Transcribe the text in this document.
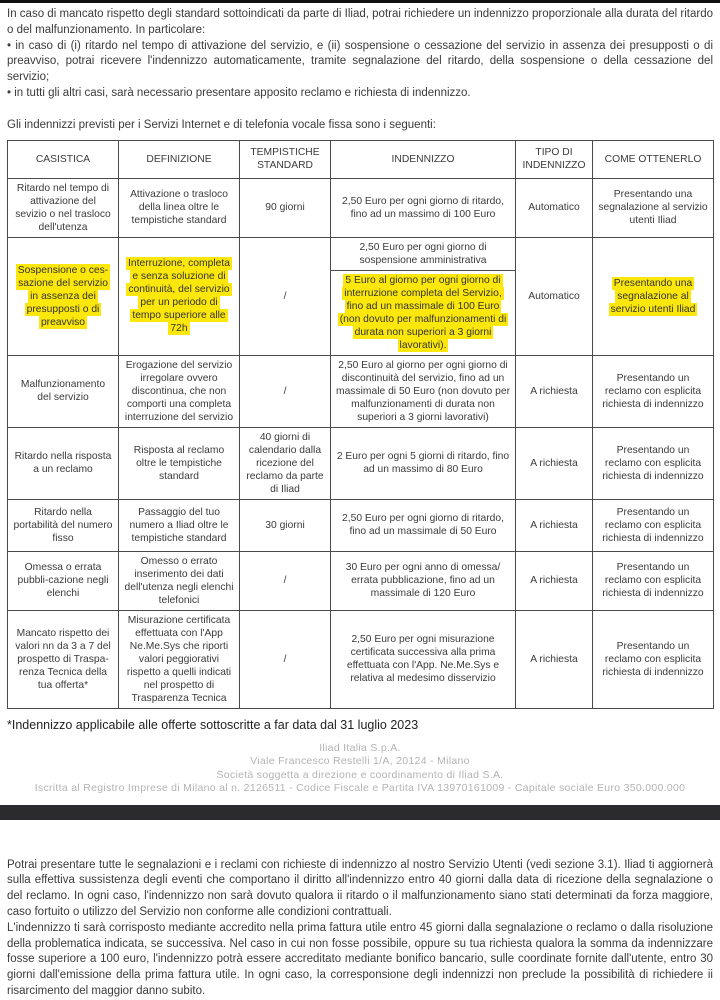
In caso di mancato rispetto degli standard sottoindicati da parte di Iliad, potrai richiedere un indennizzo proporzionale alla durata del ritardo o del malfunzionamento. In particolare:

• in caso di (i) ritardo nel tempo di attivazione del servizio, e (ii) sospensione o cessazione del servizio in assenza dei presupposti o di preavviso, potrai ricevere l'indennizzo automaticamente, tramite segnalazione del ritardo, della sospensione o della cessazione del servizio;

• in tutti gli altri casi, sarà necessario presentare apposito reclamo e richiesta di indennizzo.

Gli indennizzi previsti per i Servizi Internet e di telefonia vocale fissa sono i seguenti:

CASISTICA	DEFINIZIONE	TEMPISTICHE STANDARD	INDENNIZZO	TIPO DI INDENNIZZO	COME OTTENERLO
Ritardo nel tempo di attivazione del sevizio o nel trasloco dell'utenza	Attivazione o trasloco della linea oltre le tempistiche standard	90 giorni	2,50 Euro per ogni giorno di ritardo, fino ad un massimo di 100 Euro	Automatico	Presentando una segnalazione al servizio utenti Iliad
Sospensione o ces-sazione del servizio in assenza dei presupposti o di preavviso	Interruzione, completa e senza soluzione di continuità, del servizio per un periodo di tempo superiore alle 72h	/	2,50 Euro per ogni giorno di sospensione amministrativa	Automatico	Presentando una segnalazione al servizio utenti Iliad
			5 Euro al giorno per ogni giorno di interruzione completa del Servizio, fino ad un massimale di 100 Euro (non dovuto per malfunzionamenti di durata non superiori a 3 giorni lavorativi).		
Malfunzionamento del servizio	Erogazione del servizio irregolare ovvero discontinua, che non comporti una completa interruzione del servizio	/	2,50 Euro al giorno per ogni giorno di discontinuità del servizio, fino ad un massimale di 50 Euro (non dovuto per malfunzionamenti di durata non superiori a 3 giorni lavorativi)	A richiesta	Presentando un reclamo con esplicita richiesta di indennizzo
Ritardo nella risposta a un reclamo	Risposta al reclamo oltre le tempistiche standard	40 giorni di calendario dalla ricezione del reclamo da parte di Iliad	2 Euro per ogni 5 giorni di ritardo, fino ad un massimo di 80 Euro	A richiesta	Presentando un reclamo con esplicita richiesta di indennizzo
Ritardo nella portabilità del numero fisso	Passaggio del tuo numero a Iliad oltre le tempistiche standard	30 giorni	2,50 Euro per ogni giorno di ritardo, fino ad un massimale di 50 Euro	A richiesta	Presentando un reclamo con esplicita richiesta di indennizzo
Omessa o errata pubbli-cazione negli elenchi	Omesso o errato inserimento dei dati dell'utenza negli elenchi telefonici	/	30 Euro per ogni anno di omessa/ errata pubblicazione, fino ad un massimale di 120 Euro	A richiesta	Presentando un reclamo con esplicita richiesta di indennizzo
Mancato rispetto dei valori nn da 3 a 7 del prospetto di Traspa-renza Tecnica della tua offerta*	Misurazione certificata effettuata con l'App Ne.Me.Sys che riporti valori peggiorativi rispetto a quelli indicati nel prospetto di Trasparenza Tecnica	/	2,50 Euro per ogni misurazione certificata successiva alla prima effettuata con l'App. Ne.Me.Sys e relativa al medesimo disservizio	A richiesta	Presentando un reclamo con esplicita richiesta di indennizzo

*Indennizzo applicabile alle offerte sottoscritte a far data dal 31 luglio 2023

Iliad Italia S.p.A.
Viale Francesco Restelli 1/A, 20124 - Milano
Società soggetta a direzione e coordinamento di Iliad S.A.
Iscritta al Registro Imprese di Milano al n. 2126511 - Codice Fiscale e Partita IVA 13970161009 - Capitale sociale Euro 350.000.000

Potrai presentare tutte le segnalazioni e i reclami con richieste di indennizzo al nostro Servizio Utenti (vedi sezione 3.1). Iliad ti aggiornerà sulla effettiva sussistenza degli eventi che comportano il diritto all'indennizzo entro 40 giorni dalla data di ricezione della segnalazione o del reclamo. In ogni caso, l'indennizzo non sarà dovuto qualora ii ritardo o il malfunzionamento siano stati determinati da forza maggiore, caso fortuito o utilizzo del Servizio non conforme alle condizioni contrattuali.

L'indennizzo ti sarà corrisposto mediante accredito nella prima fattura utile entro 45 giorni dalla segnalazione o reclamo o dalla risoluzione della problematica indicata, se successiva. Nel caso in cui non fosse possibile, oppure su tua richiesta qualora la somma da indennizzare fosse superiore a 100 euro, l'indennizzo potrà essere accreditato mediante bonifico bancario, sulle coordinate fornite dall'utente, entro 30 giorni dall'emissione della prima fattura utile. In ogni caso, la corresponsione degli indennizzi non preclude la possibilità di richiedere ii risarcimento del maggior danno subito.
